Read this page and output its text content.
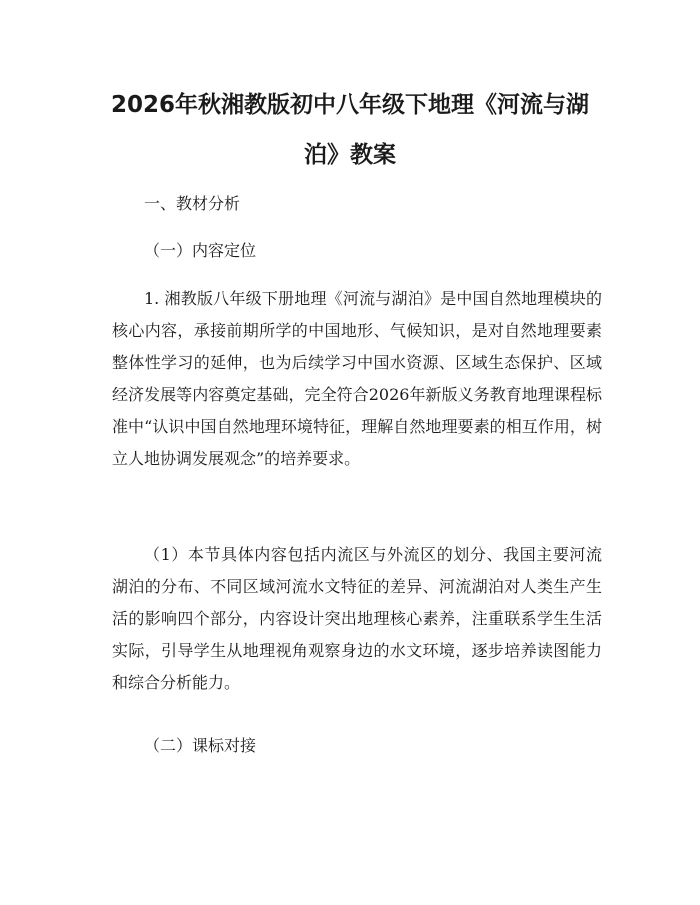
2026年秋湘教版初中八年级下地理《河流与湖泊》教案
一、教材分析
（一）内容定位

1. 湘教版八年级下册地理《河流与湖泊》是中国自然地理模块的核心内容，承接前期所学的中国地形、气候知识，是对自然地理要素整体性学习的延伸，也为后续学习中国水资源、区域生态保护、区域经济发展等内容奠定基础，完全符合2026年新版义务教育地理课程标准中“认识中国自然地理环境特征，理解自然地理要素的相互作用，树立人地协调发展观念”的培养要求。

（1）本节具体内容包括内流区与外流区的划分、我国主要河流湖泊的分布、不同区域河流水文特征的差异、河流湖泊对人类生产生活的影响四个部分，内容设计突出地理核心素养，注重联系学生生活实际，引导学生从地理视角观察身边的水文环境，逐步培养读图能力和综合分析能力。

（二）课标对接
